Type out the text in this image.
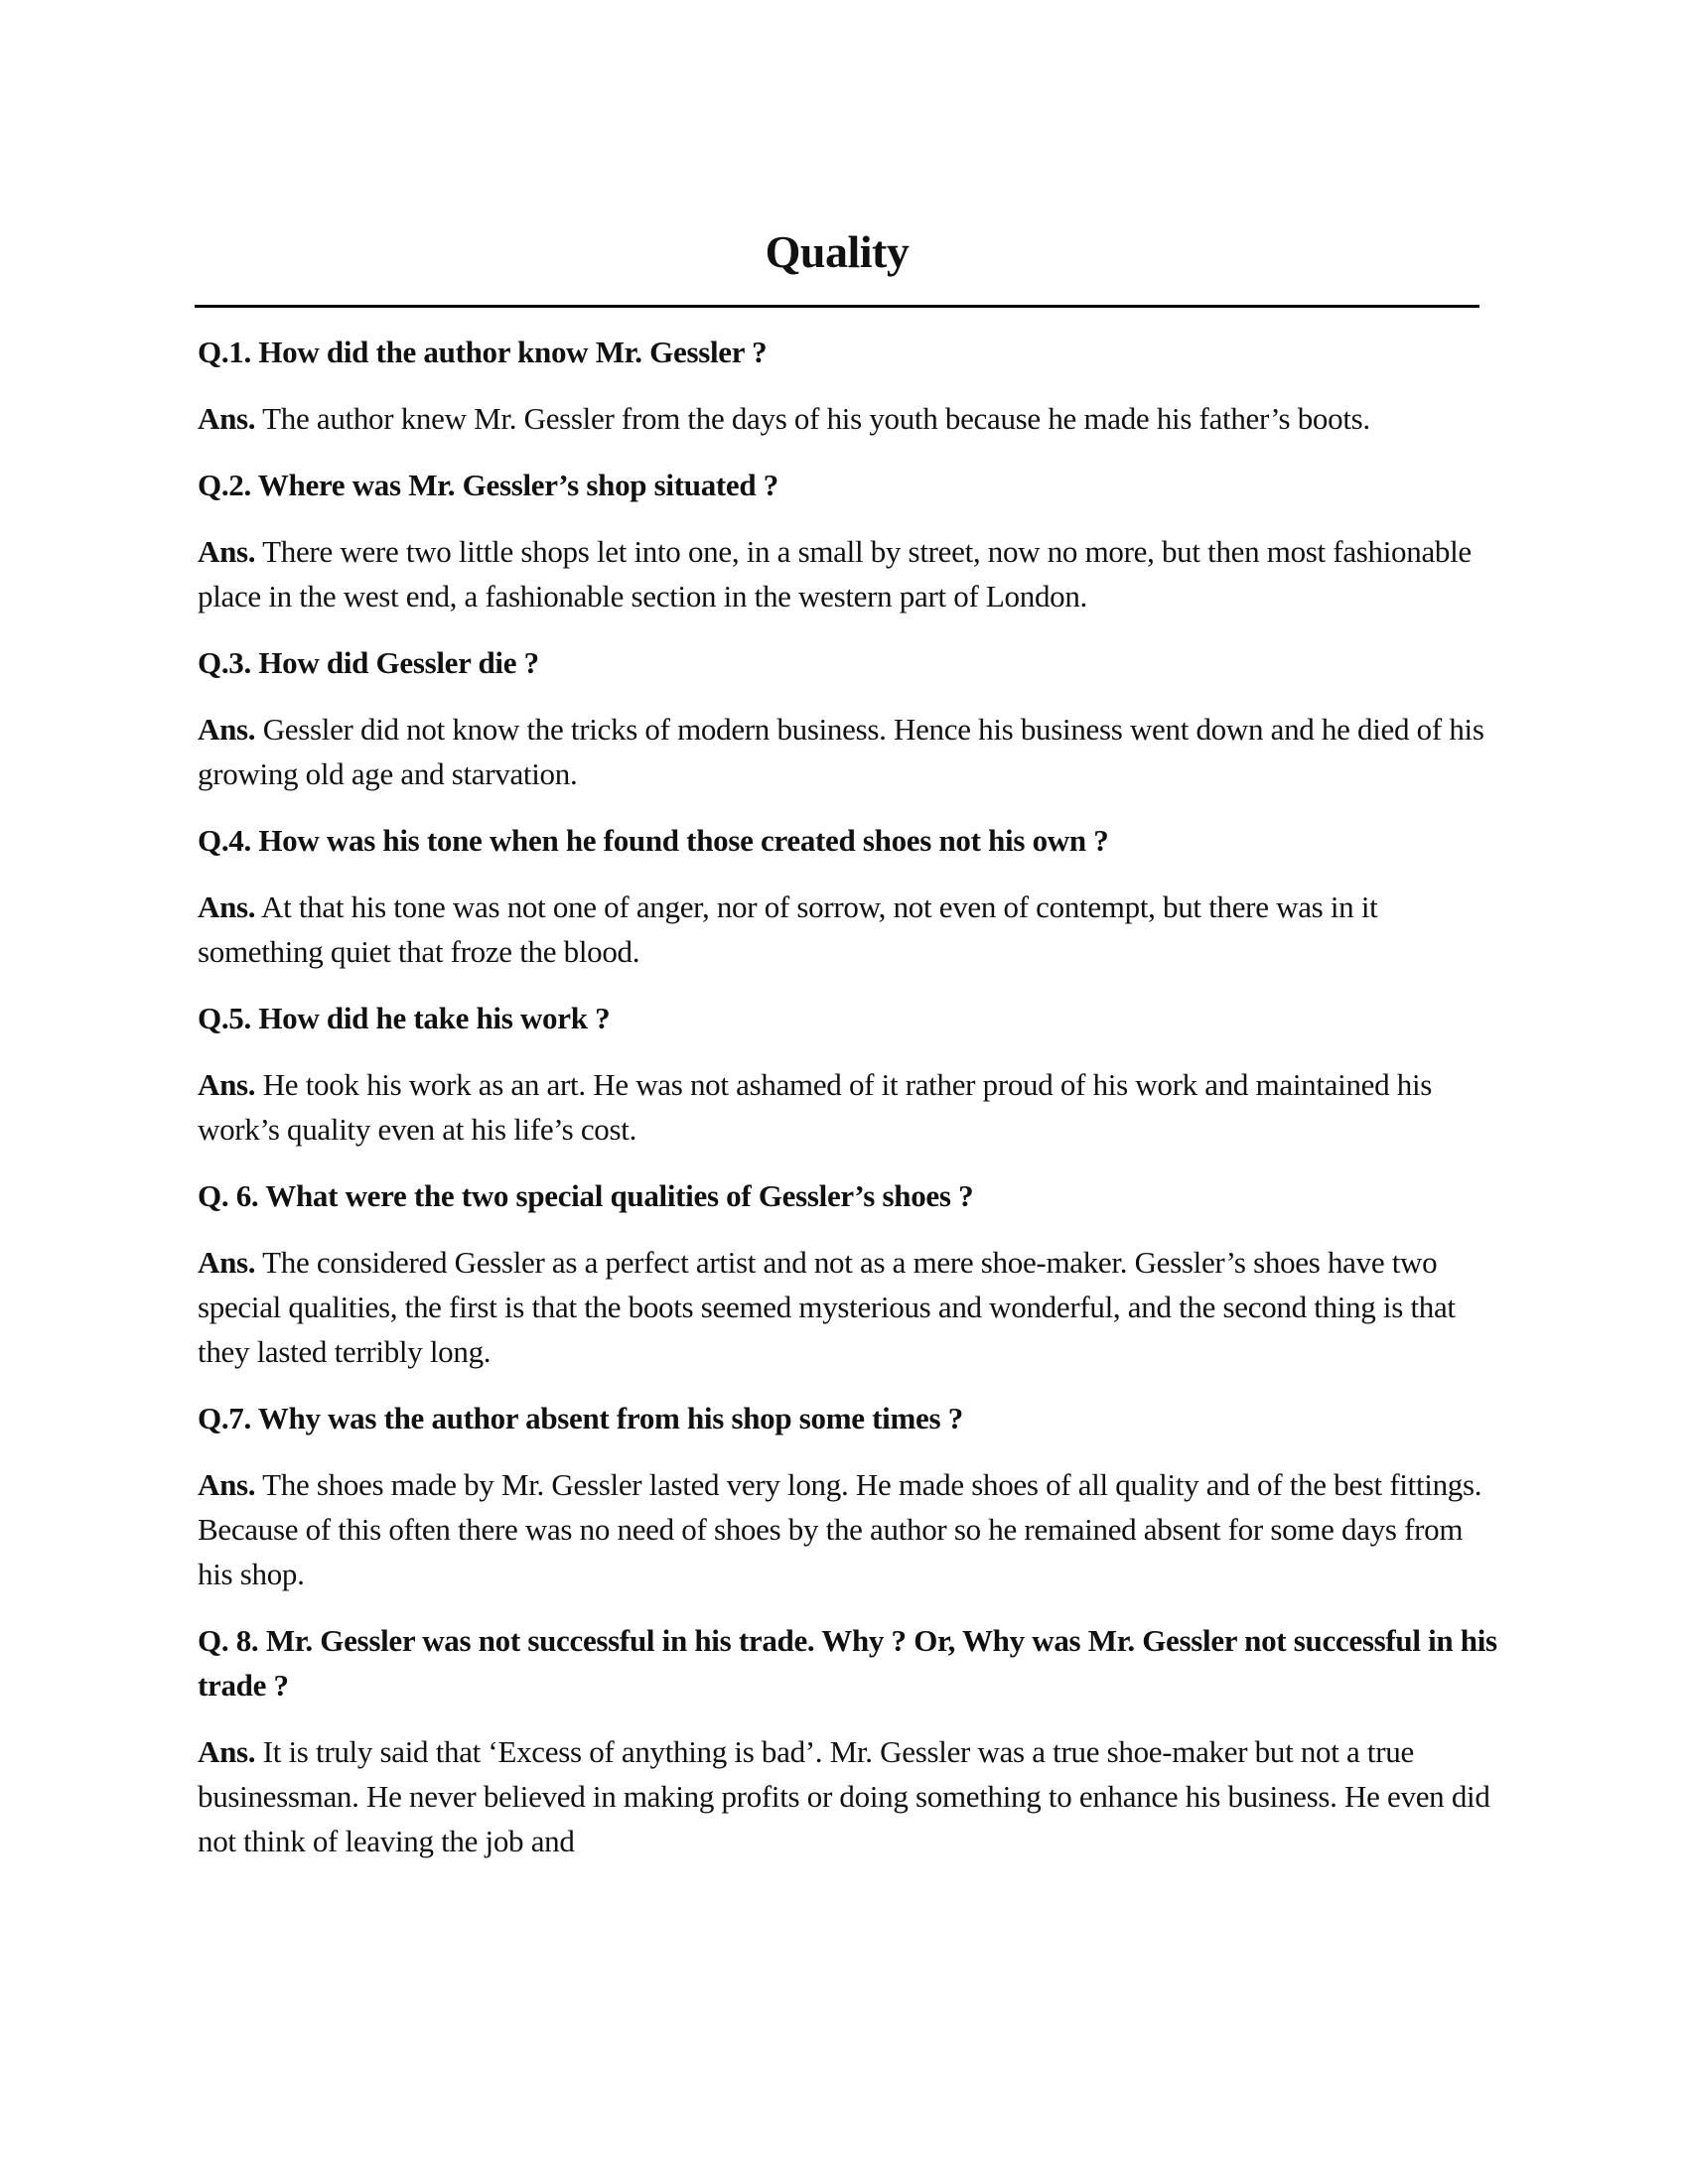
Quality

Q.1. How did the author know Mr. Gessler ?

Ans. The author knew Mr. Gessler from the days of his youth because he made his father’s boots.

Q.2. Where was Mr. Gessler’s shop situated ?

Ans. There were two little shops let into one, in a small by street, now no more, but then most fashionable place in the west end, a fashionable section in the western part of London.

Q.3. How did Gessler die ?

Ans. Gessler did not know the tricks of modern business. Hence his business went down and he died of his growing old age and starvation.

Q.4. How was his tone when he found those created shoes not his own ?

Ans. At that his tone was not one of anger, nor of sorrow, not even of contempt, but there was in it something quiet that froze the blood.

Q.5. How did he take his work ?

Ans. He took his work as an art. He was not ashamed of it rather proud of his work and maintained his work’s quality even at his life’s cost.

Q. 6. What were the two special qualities of Gessler’s shoes ?

Ans. The considered Gessler as a perfect artist and not as a mere shoe-maker. Gessler’s shoes have two special qualities, the first is that the boots seemed mysterious and wonderful, and the second thing is that they lasted terribly long.

Q.7. Why was the author absent from his shop some times ?

Ans. The shoes made by Mr. Gessler lasted very long. He made shoes of all quality and of the best fittings. Because of this often there was no need of shoes by the author so he remained absent for some days from his shop.

Q. 8. Mr. Gessler was not successful in his trade. Why ? Or, Why was Mr. Gessler not successful in his trade ?

Ans. It is truly said that ‘Excess of anything is bad’. Mr. Gessler was a true shoe-maker but not a true businessman. He never believed in making profits or doing something to enhance his business. He even did not think of leaving the job and
